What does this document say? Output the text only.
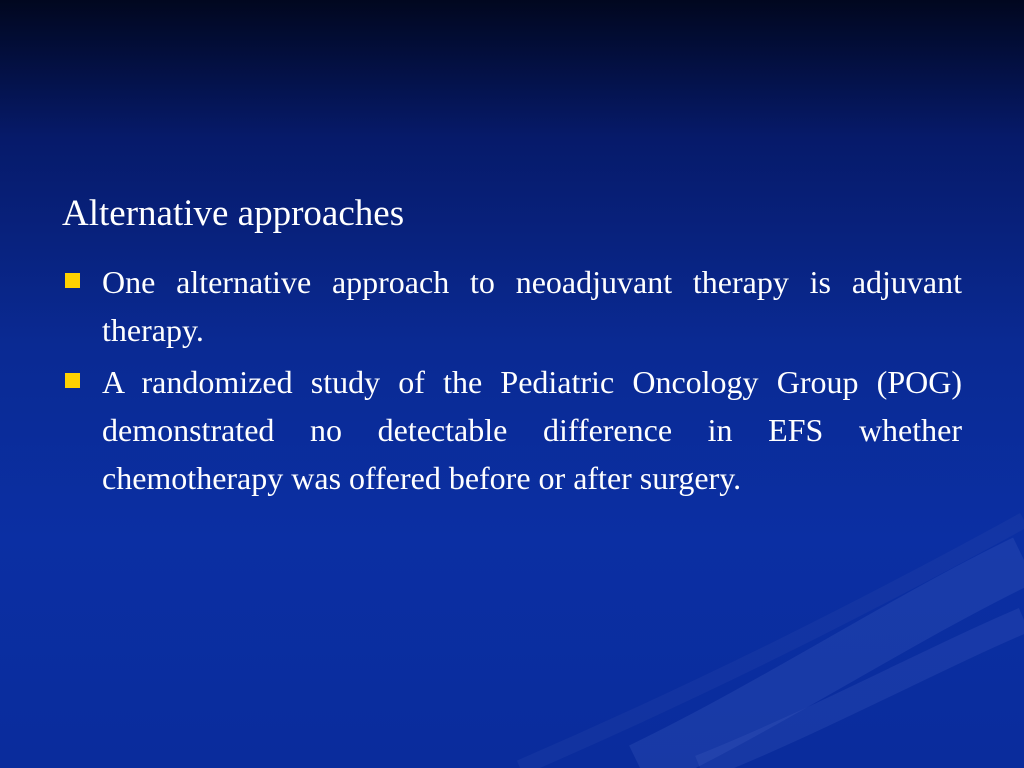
Alternative approaches
One alternative approach to neoadjuvant therapy is adjuvant therapy.
A randomized study of the Pediatric Oncology Group (POG) demonstrated no detectable difference in EFS whether chemotherapy was offered before or after surgery.
